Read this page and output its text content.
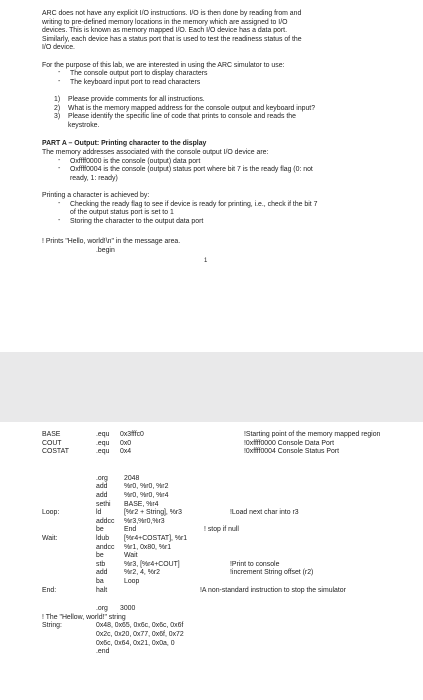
ARC does not have any explicit I/O instructions. I/O is then done by reading from and
writing to pre-defined memory locations in the memory which are assigned to I/O
devices. This is known as memory mapped I/O. Each I/O device has a data port.
Similarly, each device has a status port that is used to test the readiness status of the
I/O device.
For the purpose of this lab, we are interested in using the ARC simulator to use:
- The console output port to display characters
- The keyboard input port to read characters
1) Please provide comments for all instructions.
2) What is the memory mapped address for the console output and keyboard input?
3) Please identify the specific line of code that prints to console and reads the
keystroke.
PART A – Output: Printing character to the display
The memory addresses associated with the console output I/O device are:
- Oxffff0000 is the console (output) data port
- Oxffff0004 is the console (output) status port where bit 7 is the ready flag (0: not
ready, 1: ready)
Printing a character is achieved by:
- Checking the ready flag to see if device is ready for printing, i.e., check if the bit 7
of the output status port is set to 1
- Storing the character to the output data port
! Prints "Hello, world!\n" in the message area.
.begin
1
BASE	.equ 0x3fffc0	!Starting point of the memory mapped region
COUT	.equ 0x0	!0xffff0000 Console Data Port
COSTAT	.equ 0x4	!0xffff0004 Console Status Port
.org 2048
add %r0, %r0, %r2
add %r0, %r0, %r4
sethi BASE, %r4
Loop:	ld	[%r2 + String], %r3	!Load next char into r3
addcc %r3,%r0,%r3
be	End	! stop if null
Wait:	ldub [%r4+COSTAT], %r1
andcc %r1, 0x80, %r1
be	Wait
stb	%r3, [%r4+COUT]	!Print to console
add %r2, 4, %r2	!increment String offset (r2)
ba	Loop
End:	halt	!A non-standard instruction to stop the simulator
.org 3000
! The "Hellow, world!" string
String:	0x48, 0x65, 0x6c, 0x6c, 0x6f
0x2c, 0x20, 0x77, 0x6f, 0x72
0x6c, 0x64, 0x21, 0x0a, 0
.end
